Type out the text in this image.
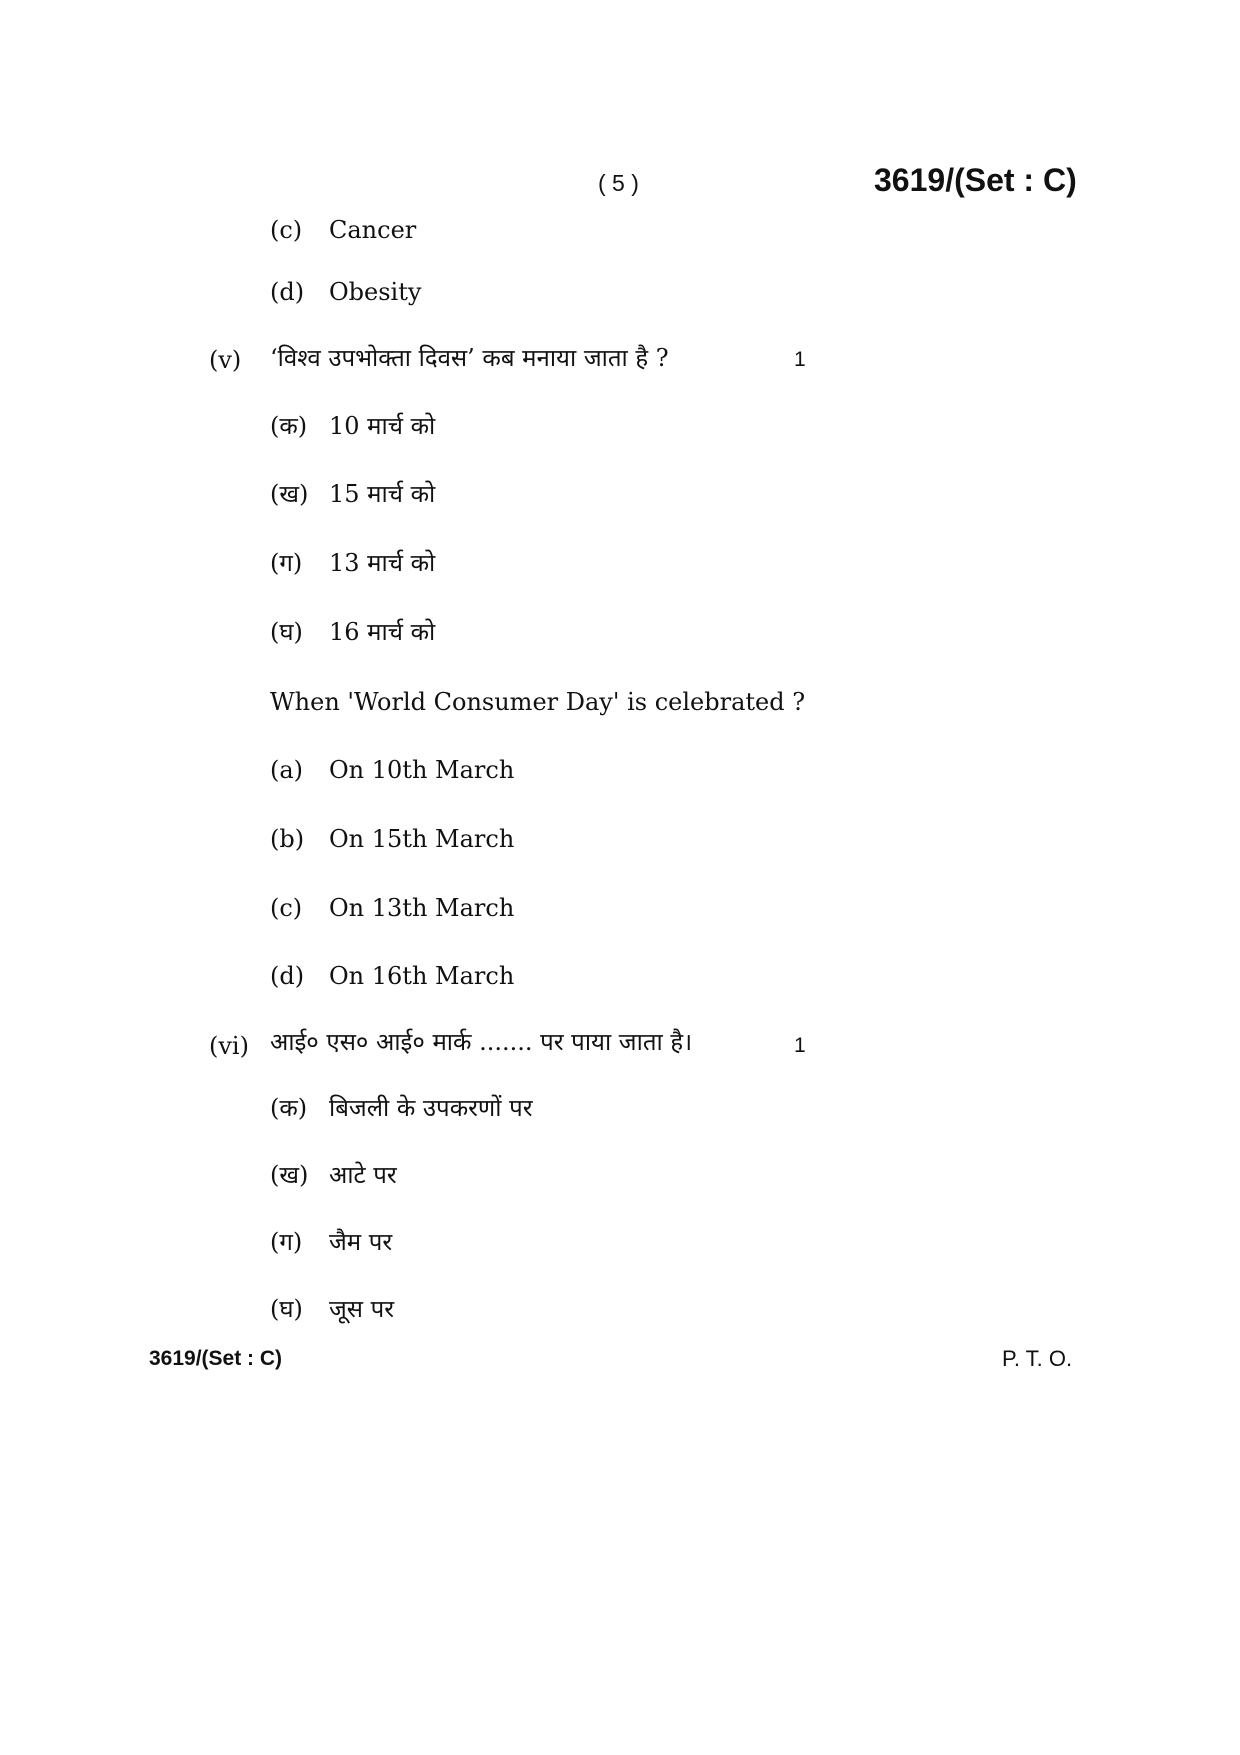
( 5 )	3619/(Set : C)
(c) Cancer
(d) Obesity
(v) ‘विश्व उपभोक्ता दिवस’ कब मनाया जाता है ?	1
(क) 10 मार्च को
(ख) 15 मार्च को
(ग) 13 मार्च को
(घ) 16 मार्च को
When 'World Consumer Day' is celebrated ?
(a) On 10th March
(b) On 15th March
(c) On 13th March
(d) On 16th March
(vi) आई० एस० आई० मार्क ....... पर पाया जाता है।	1
(क) बिजली के उपकरणों पर
(ख) आटे पर
(ग) जैम पर
(घ) जूस पर
3619/(Set : C)	P. T. O.
